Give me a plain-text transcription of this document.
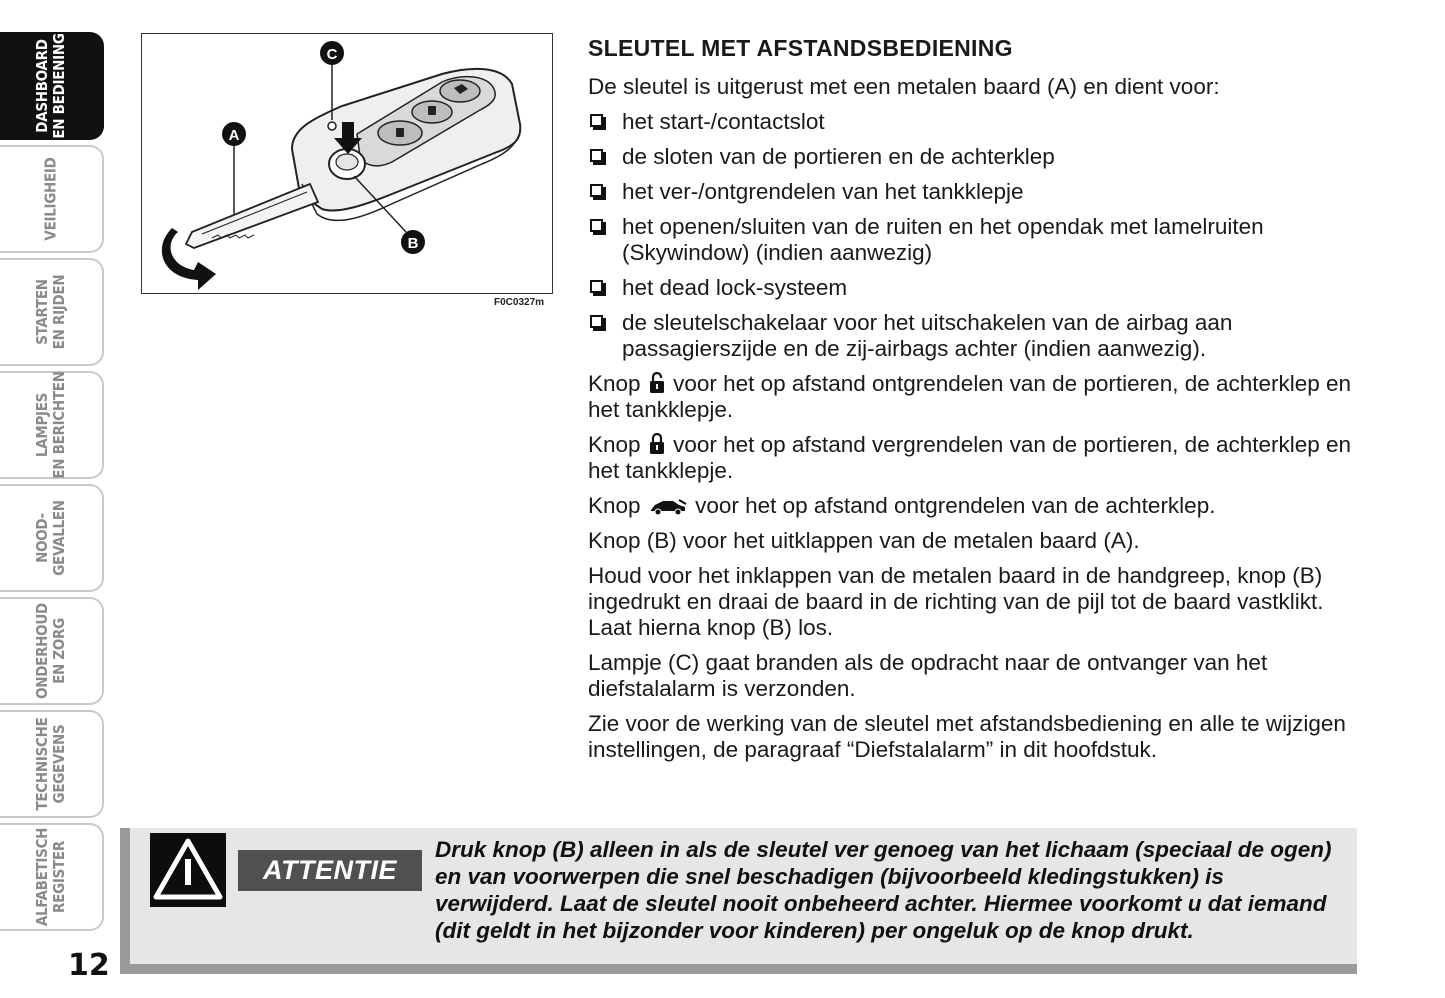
DASHBOARD
EN BEDIENING
VEILIGHEID
STARTEN
EN RIJDEN
LAMPJES
EN BERICHTEN
NOOD-
GEVALLEN
ONDERHOUD
EN ZORG
TECHNISCHE
GEGEVENS
ALFABETISCH
REGISTER
12
A
C
B
F0C0327m
SLEUTEL MET AFSTANDSBEDIENING

De sleutel is uitgerust met een metalen baard (A) en dient voor:

het start-/contactslot
de sloten van de portieren en de achterklep
het ver-/ontgrendelen van het tankklepje
het openen/sluiten van de ruiten en het opendak met lamelruiten (Skywindow) (indien aanwezig)
het dead lock-systeem
de sleutelschakelaar voor het uitschakelen van de airbag aan passagierszijde en de zij-airbags achter (indien aanwezig).

Knop voor het op afstand ontgrendelen van de portieren, de achterklep en het tankklepje.

Knop voor het op afstand vergrendelen van de portieren, de achterklep en het tankklepje.

Knop voor het op afstand ontgrendelen van de achterklep.

Knop (B) voor het uitklappen van de metalen baard (A).

Houd voor het inklappen van de metalen baard in de handgreep, knop (B) ingedrukt en draai de baard in de richting van de pijl tot de baard vastklikt. Laat hierna knop (B) los.

Lampje (C) gaat branden als de opdracht naar de ontvanger van het diefstalalarm is verzonden.

Zie voor de werking van de sleutel met afstandsbediening en alle te wijzigen instellingen, de paragraaf “Diefstalalarm” in dit hoofdstuk.

ATTENTIE
Druk knop (B) alleen in als de sleutel ver genoeg van het lichaam (speciaal de ogen) en van voorwerpen die snel beschadigen (bijvoorbeeld kledingstukken) is verwijderd. Laat de sleutel nooit onbeheerd achter. Hiermee voorkomt u dat iemand (dit geldt in het bijzonder voor kinderen) per ongeluk op de knop drukt.
